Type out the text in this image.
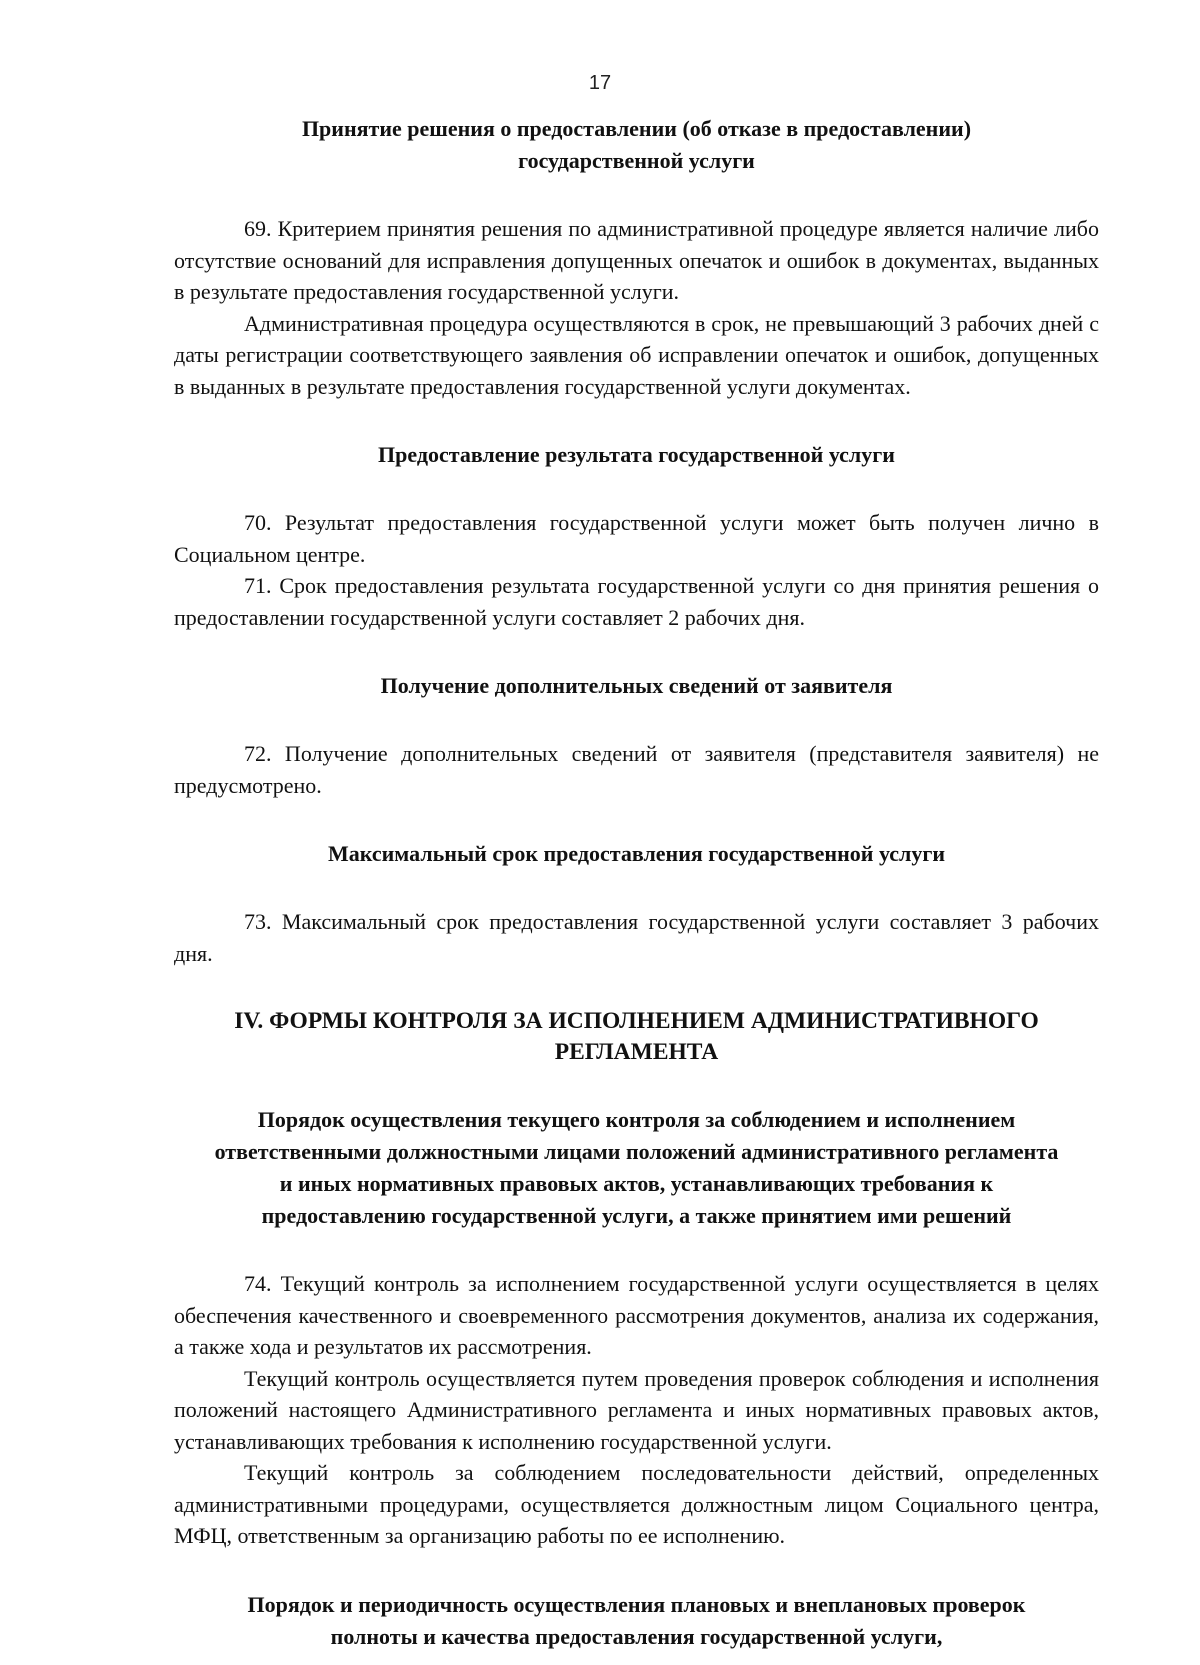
17
Принятие решения о предоставлении (об отказе в предоставлении)
государственной услуги

69. Критерием принятия решения по административной процедуре является наличие либо отсутствие оснований для исправления допущенных опечаток и ошибок в документах, выданных в результате предоставления государственной услуги.

Административная процедура осуществляются в срок, не превышающий 3 рабочих дней с даты регистрации соответствующего заявления об исправлении опечаток и ошибок, допущенных в выданных в результате предоставления государственной услуги документах.

Предоставление результата государственной услуги

70. Результат предоставления государственной услуги может быть получен лично в Социальном центре.

71. Срок предоставления результата государственной услуги со дня принятия решения о предоставлении государственной услуги составляет 2 рабочих дня.

Получение дополнительных сведений от заявителя

72. Получение дополнительных сведений от заявителя (представителя заявителя) не предусмотрено.

Максимальный срок предоставления государственной услуги

73. Максимальный срок предоставления государственной услуги составляет 3 рабочих дня.

IV. ФОРМЫ КОНТРОЛЯ ЗА ИСПОЛНЕНИЕМ АДМИНИСТРАТИВНОГО
РЕГЛАМЕНТА
Порядок осуществления текущего контроля за соблюдением и исполнением
ответственными должностными лицами положений административного регламента
и иных нормативных правовых актов, устанавливающих требования к
предоставлению государственной услуги, а также принятием ими решений

74. Текущий контроль за исполнением государственной услуги осуществляется в целях обеспечения качественного и своевременного рассмотрения документов, анализа их содержания, а также хода и результатов их рассмотрения.

Текущий контроль осуществляется путем проведения проверок соблюдения и исполнения положений настоящего Административного регламента и иных нормативных правовых актов, устанавливающих требования к исполнению государственной услуги.

Текущий контроль за соблюдением последовательности действий, определенных административными процедурами, осуществляется должностным лицом Социального центра, МФЦ, ответственным за организацию работы по ее исполнению.

Порядок и периодичность осуществления плановых и внеплановых проверок
полноты и качества предоставления государственной услуги,
